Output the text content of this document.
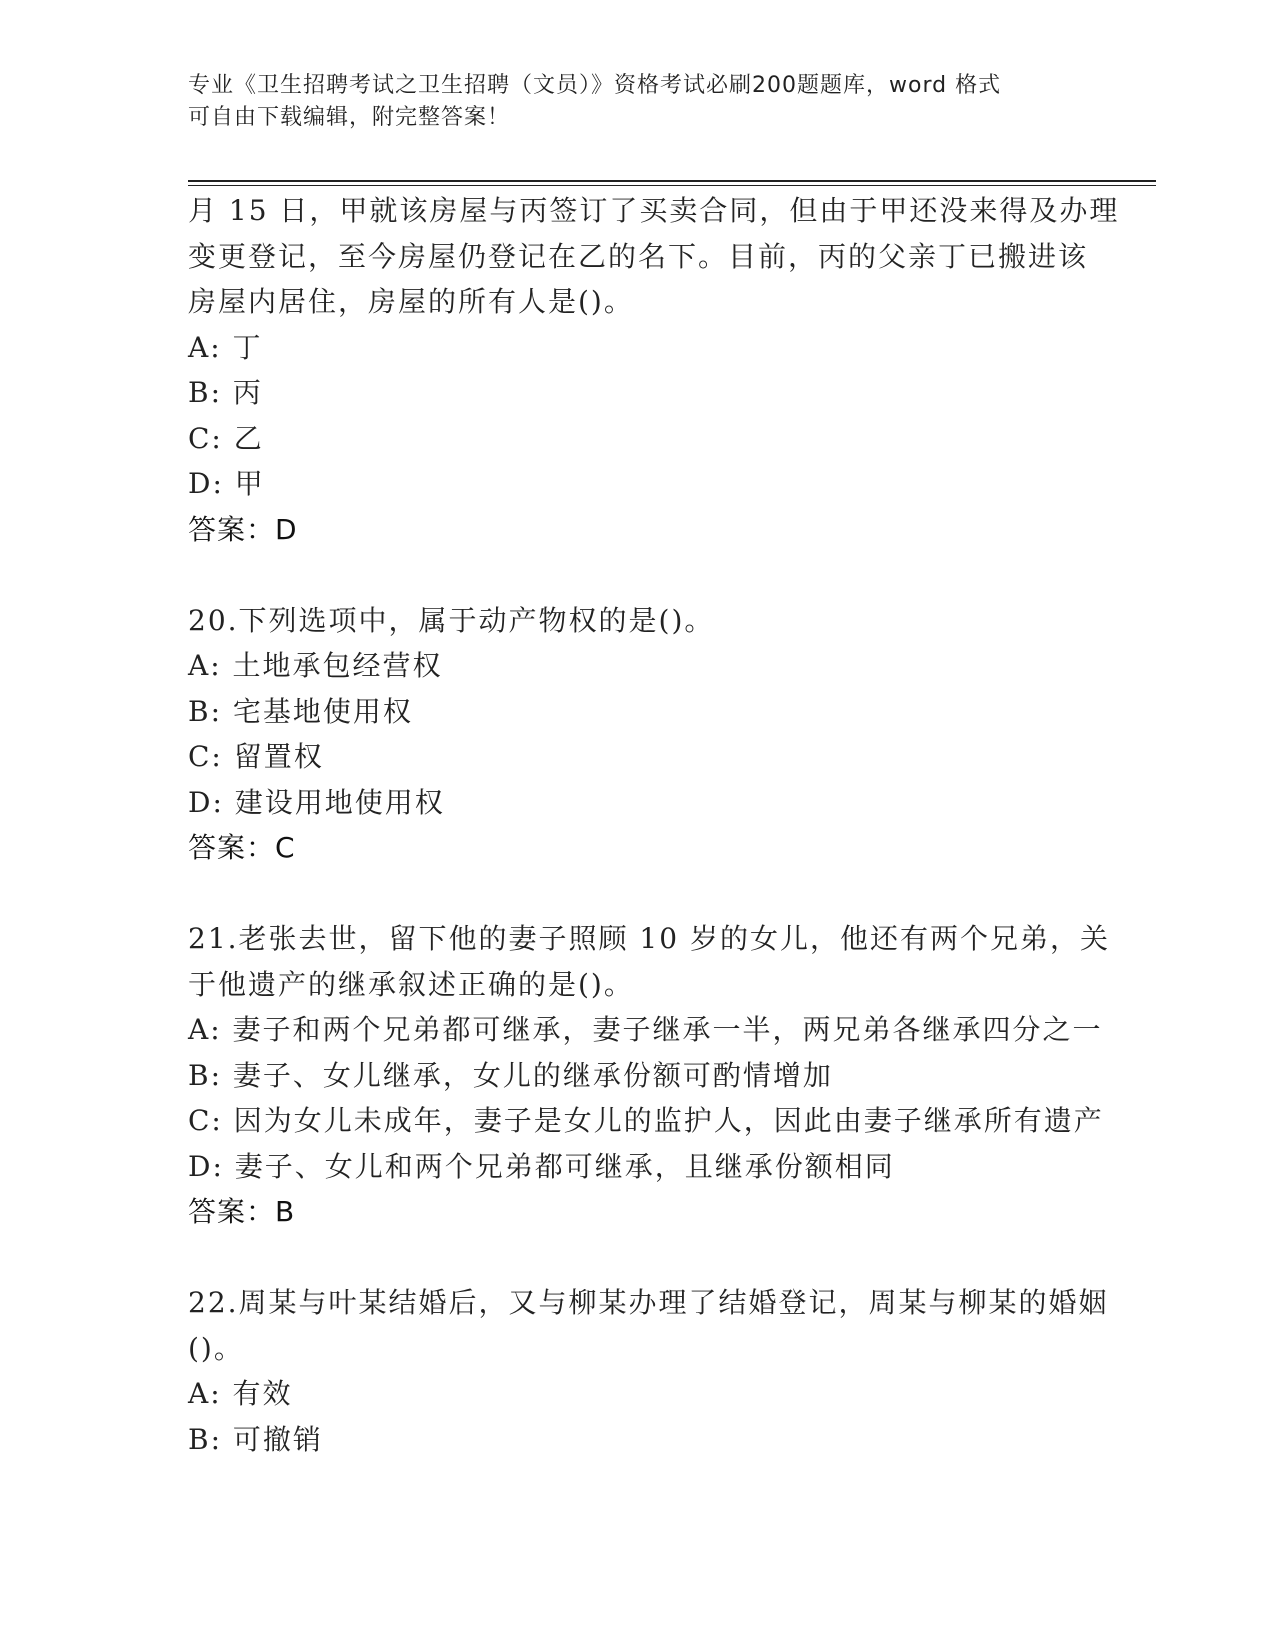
专业《卫生招聘考试之卫生招聘（文员）》资格考试必刷200题题库，word 格式
可自由下载编辑，附完整答案！
月 15 日，甲就该房屋与丙签订了买卖合同，但由于甲还没来得及办理
变更登记，至今房屋仍登记在乙的名下。目前，丙的父亲丁已搬进该
房屋内居住，房屋的所有人是()。
A: 丁
B: 丙
C: 乙
D: 甲
答案：D
20.下列选项中，属于动产物权的是()。
A: 土地承包经营权
B: 宅基地使用权
C: 留置权
D: 建设用地使用权
答案：C
21.老张去世，留下他的妻子照顾 10 岁的女儿，他还有两个兄弟，关
于他遗产的继承叙述正确的是()。
A: 妻子和两个兄弟都可继承，妻子继承一半，两兄弟各继承四分之一
B: 妻子、女儿继承，女儿的继承份额可酌情增加
C: 因为女儿未成年，妻子是女儿的监护人，因此由妻子继承所有遗产
D: 妻子、女儿和两个兄弟都可继承，且继承份额相同
答案：B
22.周某与叶某结婚后，又与柳某办理了结婚登记，周某与柳某的婚姻
()。
A: 有效
B: 可撤销
